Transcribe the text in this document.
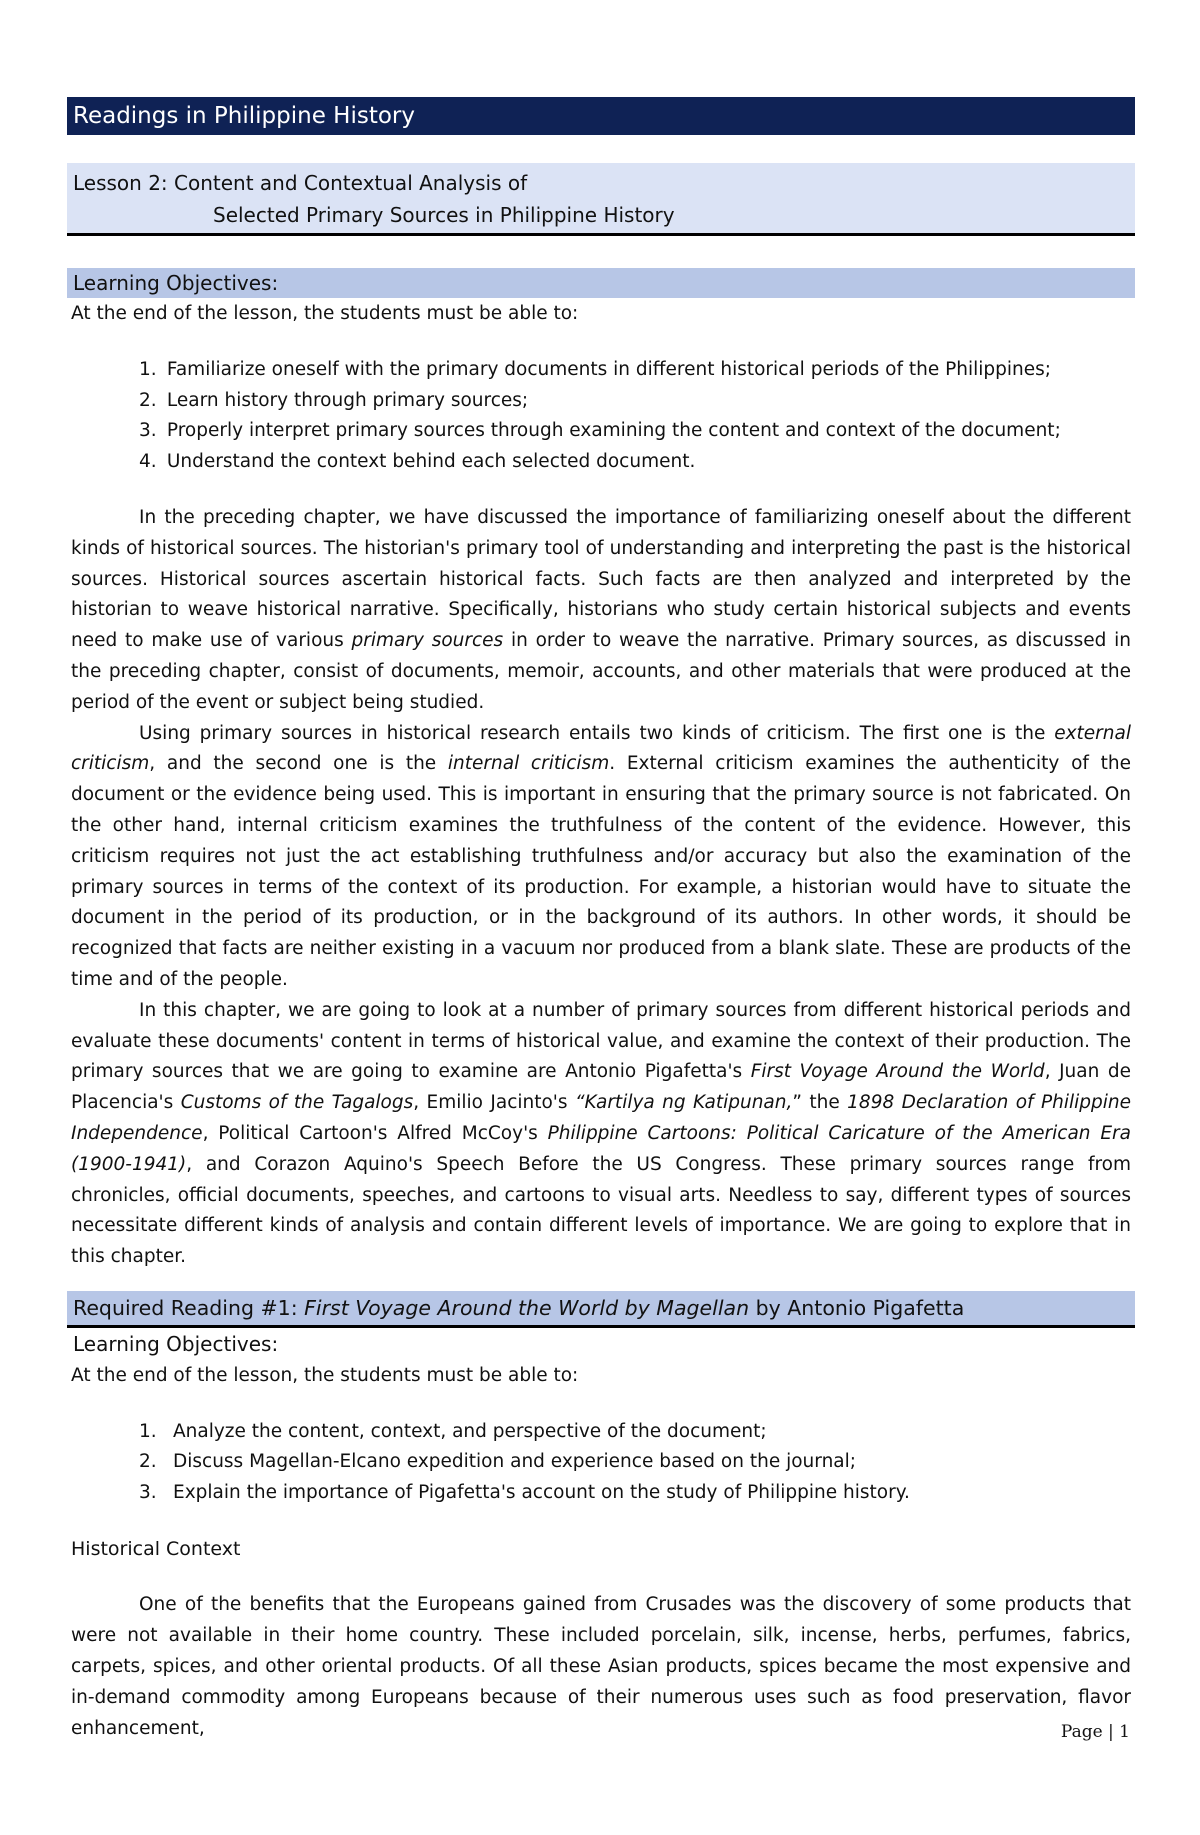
Readings in Philippine History
Lesson 2: Content and Contextual Analysis of
Selected Primary Sources in Philippine History
Learning Objectives:
At the end of the lesson, the students must be able to:
1. Familiarize oneself with the primary documents in different historical periods of the Philippines;
2. Learn history through primary sources;
3. Properly interpret primary sources through examining the content and context of the document;
4. Understand the context behind each selected document.

In the preceding chapter, we have discussed the importance of familiarizing oneself about the different kinds of historical sources. The historian's primary tool of understanding and interpreting the past is the historical sources. Historical sources ascertain historical facts. Such facts are then analyzed and interpreted by the historian to weave historical narrative. Specifically, historians who study certain historical subjects and events need to make use of various primary sources in order to weave the narrative. Primary sources, as discussed in the preceding chapter, consist of documents, memoir, accounts, and other materials that were produced at the period of the event or subject being studied.

Using primary sources in historical research entails two kinds of criticism. The first one is the external criticism, and the second one is the internal criticism. External criticism examines the authenticity of the document or the evidence being used. This is important in ensuring that the primary source is not fabricated. On the other hand, internal criticism examines the truthfulness of the content of the evidence. However, this criticism requires not just the act establishing truthfulness and/or accuracy but also the examination of the primary sources in terms of the context of its production. For example, a historian would have to situate the document in the period of its production, or in the background of its authors. In other words, it should be recognized that facts are neither existing in a vacuum nor produced from a blank slate. These are products of the time and of the people.

In this chapter, we are going to look at a number of primary sources from different historical periods and evaluate these documents' content in terms of historical value, and examine the context of their production. The primary sources that we are going to examine are Antonio Pigafetta's First Voyage Around the World, Juan de Placencia's Customs of the Tagalogs, Emilio Jacinto's “Kartilya ng Katipunan,” the 1898 Declaration of Philippine Independence, Political Cartoon's Alfred McCoy's Philippine Cartoons: Political Caricature of the American Era (1900-1941), and Corazon Aquino's Speech Before the US Congress. These primary sources range from chronicles, official documents, speeches, and cartoons to visual arts. Needless to say, different types of sources necessitate different kinds of analysis and contain different levels of importance. We are going to explore that in this chapter.

Required Reading #1: First Voyage Around the World by Magellan by Antonio Pigafetta
Learning Objectives:
At the end of the lesson, the students must be able to:
1. Analyze the content, context, and perspective of the document;
2. Discuss Magellan-Elcano expedition and experience based on the journal;
3. Explain the importance of Pigafetta's account on the study of Philippine history.
Historical Context

One of the benefits that the Europeans gained from Crusades was the discovery of some products that were not available in their home country. These included porcelain, silk, incense, herbs, perfumes, fabrics, carpets, spices, and other oriental products. Of all these Asian products, spices became the most expensive and in-demand commodity among Europeans because of their numerous uses such as food preservation, flavor enhancement,	Page | 1
